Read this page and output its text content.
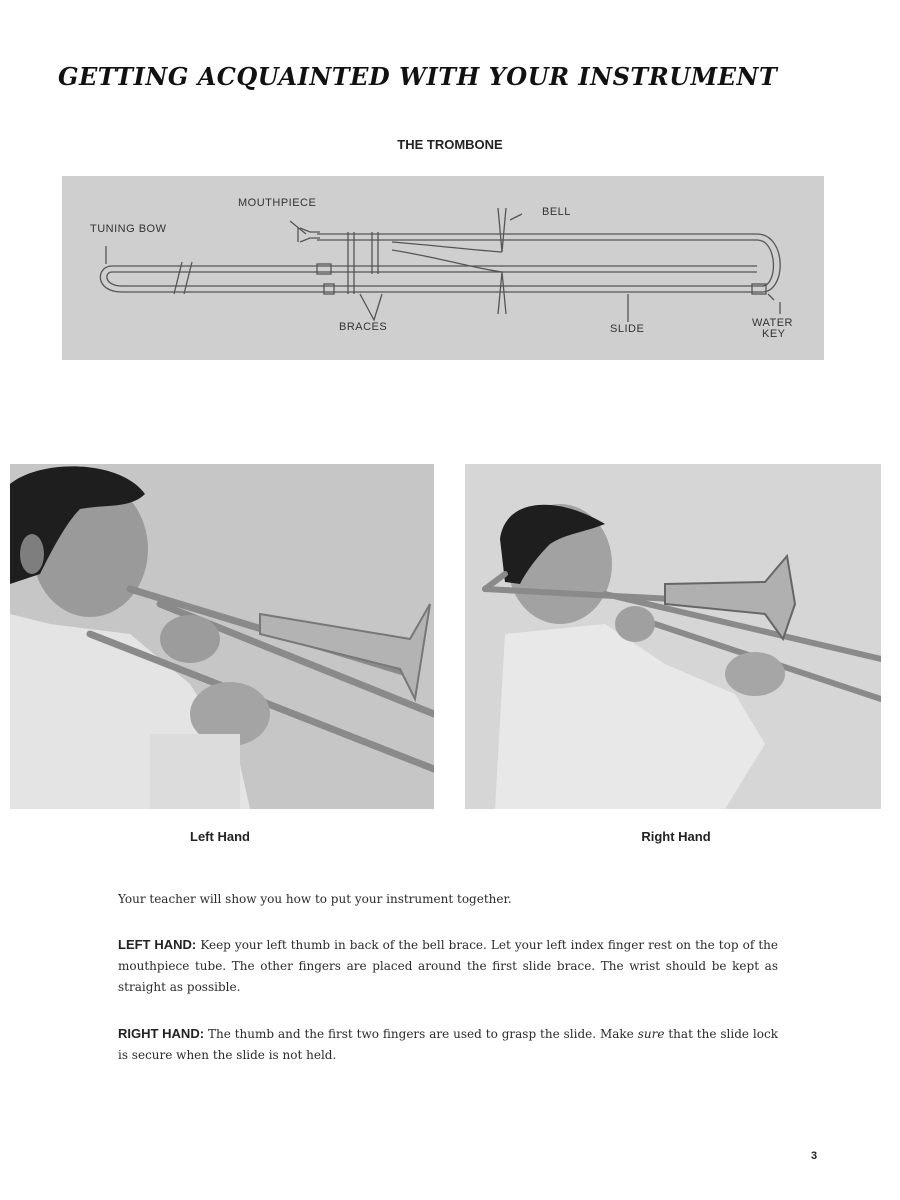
GETTING ACQUAINTED WITH YOUR INSTRUMENT
THE TROMBONE
MOUTHPIECE
BELL
TUNING BOW
BRACES	SLIDE	WATER
KEY
Left Hand	Right Hand
Your teacher will show you how to put your instrument together.
LEFT HAND: Keep your left thumb in back of the bell brace. Let your left index finger rest on the top of the mouthpiece tube. The other fingers are placed around the first slide brace. The wrist should be kept as straight as possible.
RIGHT HAND: The thumb and the first two fingers are used to grasp the slide. Make sure that the slide lock is secure when the slide is not held.
3
